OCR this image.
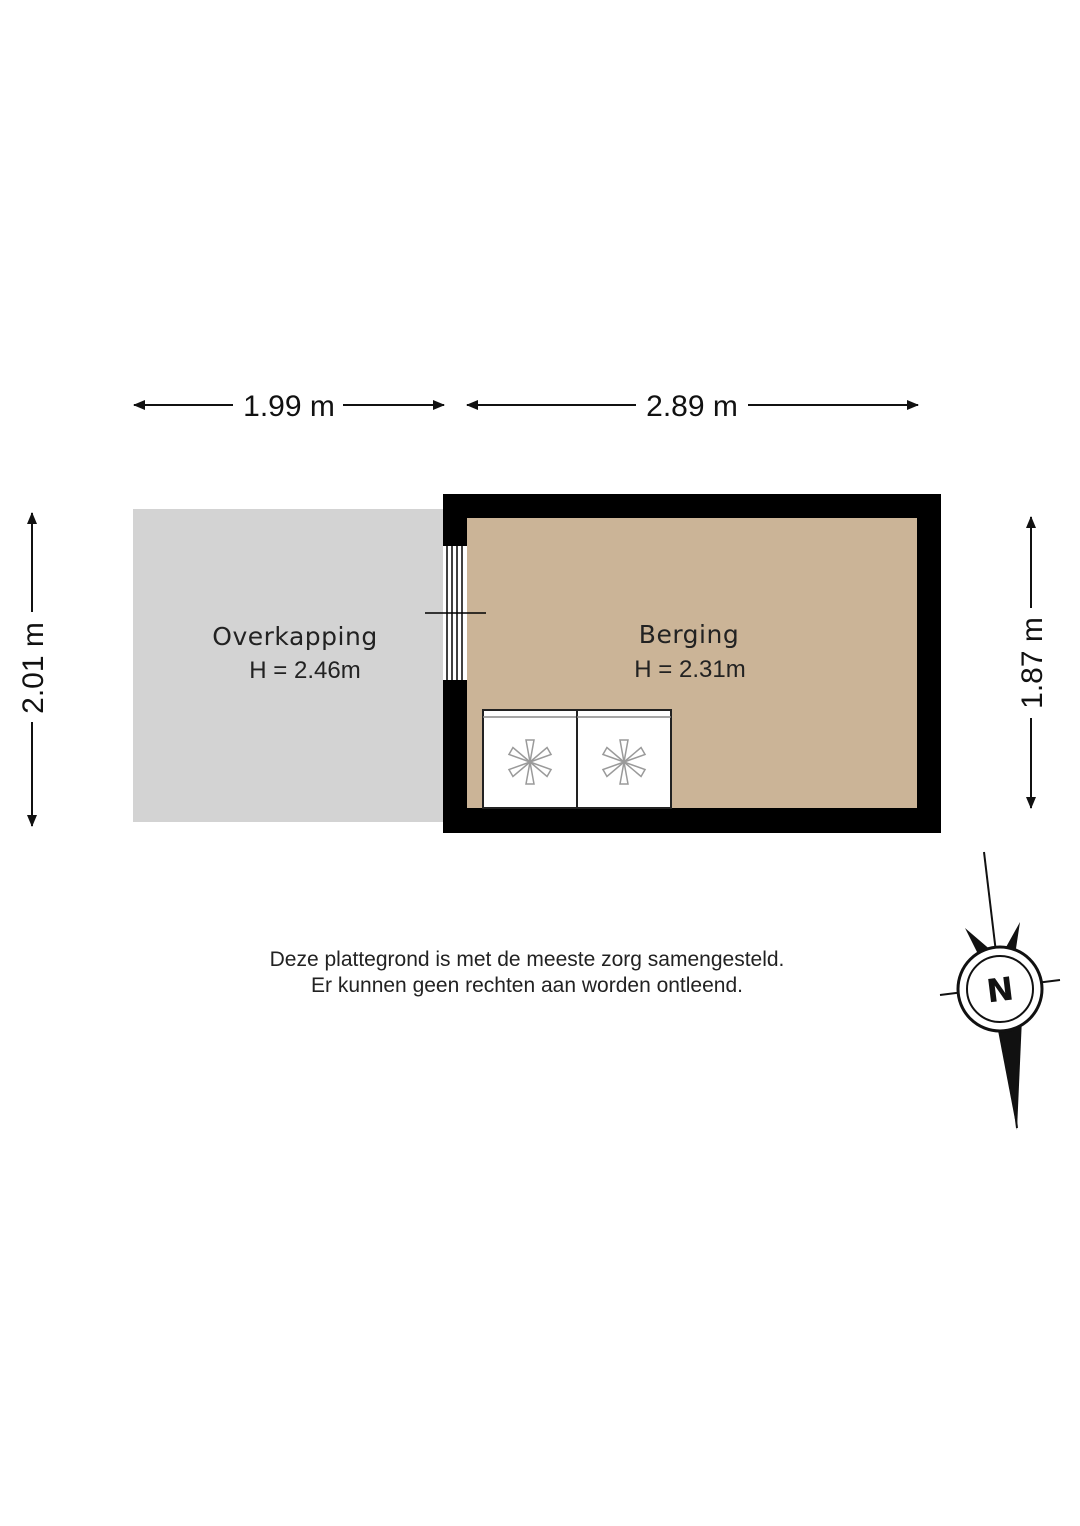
Overkapping
H = 2.46m
Berging
H = 2.31m
1.99 m	2.89 m
2.01 m	1.87 m
Deze plattegrond is met de meeste zorg samengesteld.
Er kunnen geen rechten aan worden ontleend.	N
